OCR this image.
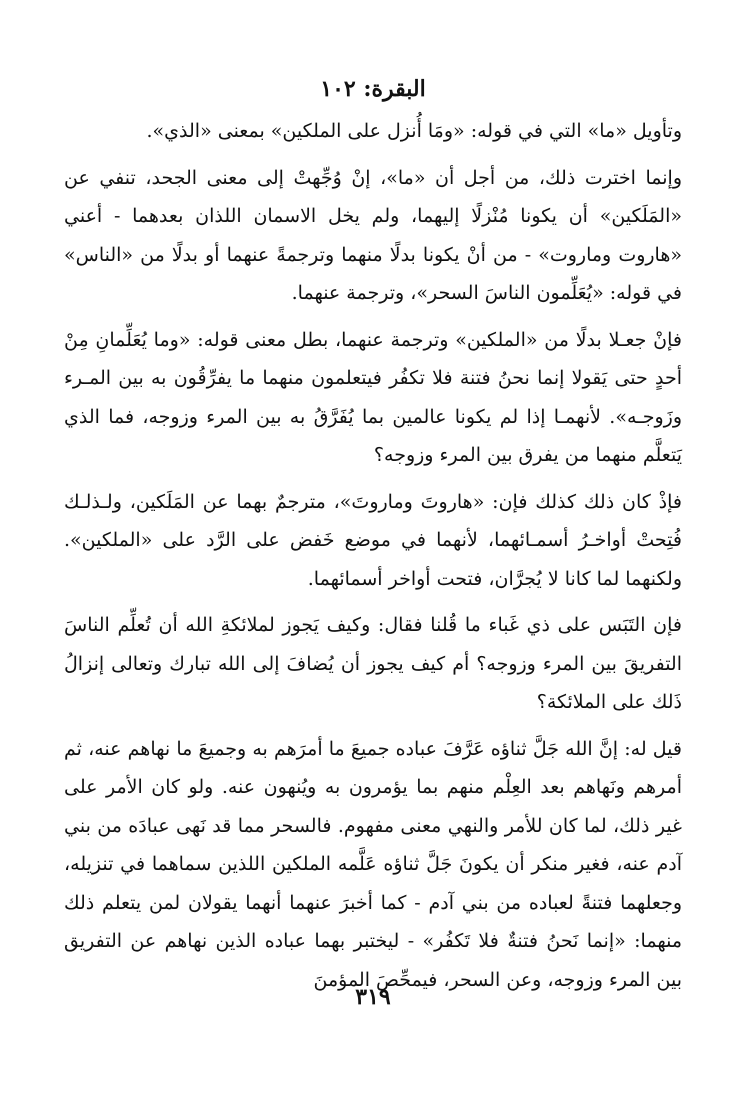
البقرة: ١٠٢

وتأويل «ما» التي في قوله: «ومَا أُنزل على الملكين» بمعنى «الذي».

وإنما اخترت ذلك، من أجل أن «ما»، إنْ وُجِّهتْ إلى معنى الجحد، تنفي عن «المَلَكين» أن يكونا مُنْزلًا إليهما، ولم يخل الاسمان اللذان بعدهما - أعني «هاروت وماروت» - من أنْ يكونا بدلًا منهما وترجمةً عنهما أو بدلًا من «الناس» في قوله: «يُعَلِّمون الناسَ السحر»، وترجمة عنهما.

فإنْ جعـلا بدلًا من «الملكين» وترجمة عنهما، بطل معنى قوله: «وما يُعَلِّمانِ مِنْ أحدٍ حتى يَقولا إنما نحنُ فتنة فلا تكفُر فيتعلمون منهما ما يفرِّقُون به بين المـرء وزَوجـه». لأنهمـا إذا لم يكونا عالمين بما يُفَرَّقُ به بين المرء وزوجه، فما الذي يَتعلَّم منهما من يفرق بين المرء وزوجه؟

فإذْ كان ذلك كذلك فإن: «هاروتَ وماروتَ»، مترجمٌ بهما عن المَلَكين، ولـذلـك فُتِحتْ أواخـرُ أسمـائهما، لأنهما في موضع خَفض على الرَّد على «الملكين». ولكنهما لما كانا لا يُجرَّان، فتحت أواخر أسمائهما.

فإن التَبَس على ذي غَباء ما قُلنا فقال: وكيف يَجوز لملائكةِ الله أن تُعلِّم الناسَ التفريقَ بين المرء وزوجه؟ أم كيف يجوز أن يُضافَ إلى الله تبارك وتعالى إنزالُ ذَلك على الملائكة؟

قيل له: إنَّ الله جَلَّ ثناؤه عَرَّفَ عباده جميعَ ما أمرَهم به وجميعَ ما نهاهم عنه، ثم أمرهم ونَهاهم بعد العِلْم منهم بما يؤمرون به ويُنهون عنه. ولو كان الأمر على غير ذلك، لما كان للأمر والنهي معنى مفهوم. فالسحر مما قد نَهى عبادَه من بني آدم عنه، فغير منكر أن يكونَ جَلَّ ثناؤه عَلَّمه الملكين اللذين سماهما في تنزيله، وجعلهما فتنةً لعباده من بني آدم - كما أخبرَ عنهما أنهما يقولان لمن يتعلم ذلك منهما: «إنما نَحنُ فتنةٌ فلا تَكفُر» - ليختبر بهما عباده الذين نهاهم عن التفريق بين المرء وزوجه، وعن السحر، فيمحِّصَ المؤمنَ

٣١٩
